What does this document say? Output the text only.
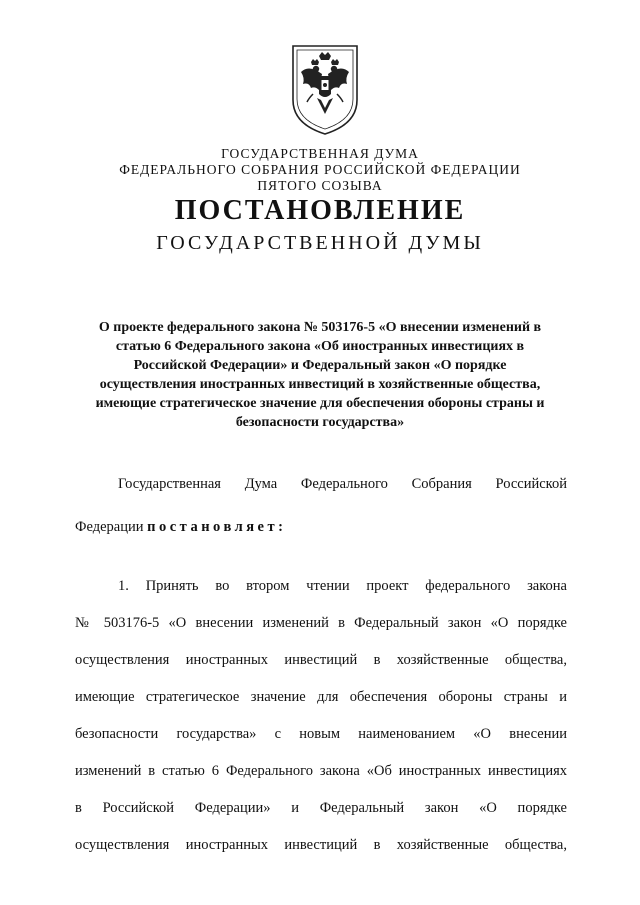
ГОСУДАРСТВЕННАЯ ДУМА
ФЕДЕРАЛЬНОГО СОБРАНИЯ РОССИЙСКОЙ ФЕДЕРАЦИИ
ПЯТОГО СОЗЫВА
ПОСТАНОВЛЕНИЕ
ГОСУДАРСТВЕННОЙ ДУМЫ
О проекте федерального закона № 503176-5 «О внесении изменений в
статью 6 Федерального закона «Об иностранных инвестициях в
Российской Федерации» и Федеральный закон «О порядке
осуществления иностранных инвестиций в хозяйственные общества,
имеющие стратегическое значение для обеспечения обороны страны и
безопасности государства»
Государственная Дума Федерального Собрания Российской
Федерации постановляет:
1. Принять во втором чтении проект федерального закона
№ 503176-5 «О внесении изменений в Федеральный закон «О порядке
осуществления иностранных инвестиций в хозяйственные общества,
имеющие стратегическое значение для обеспечения обороны страны и
безопасности государства» с новым наименованием «О внесении
изменений в статью 6 Федерального закона «Об иностранных инвестициях
в Российской Федерации» и Федеральный закон «О порядке
осуществления иностранных инвестиций в хозяйственные общества,
